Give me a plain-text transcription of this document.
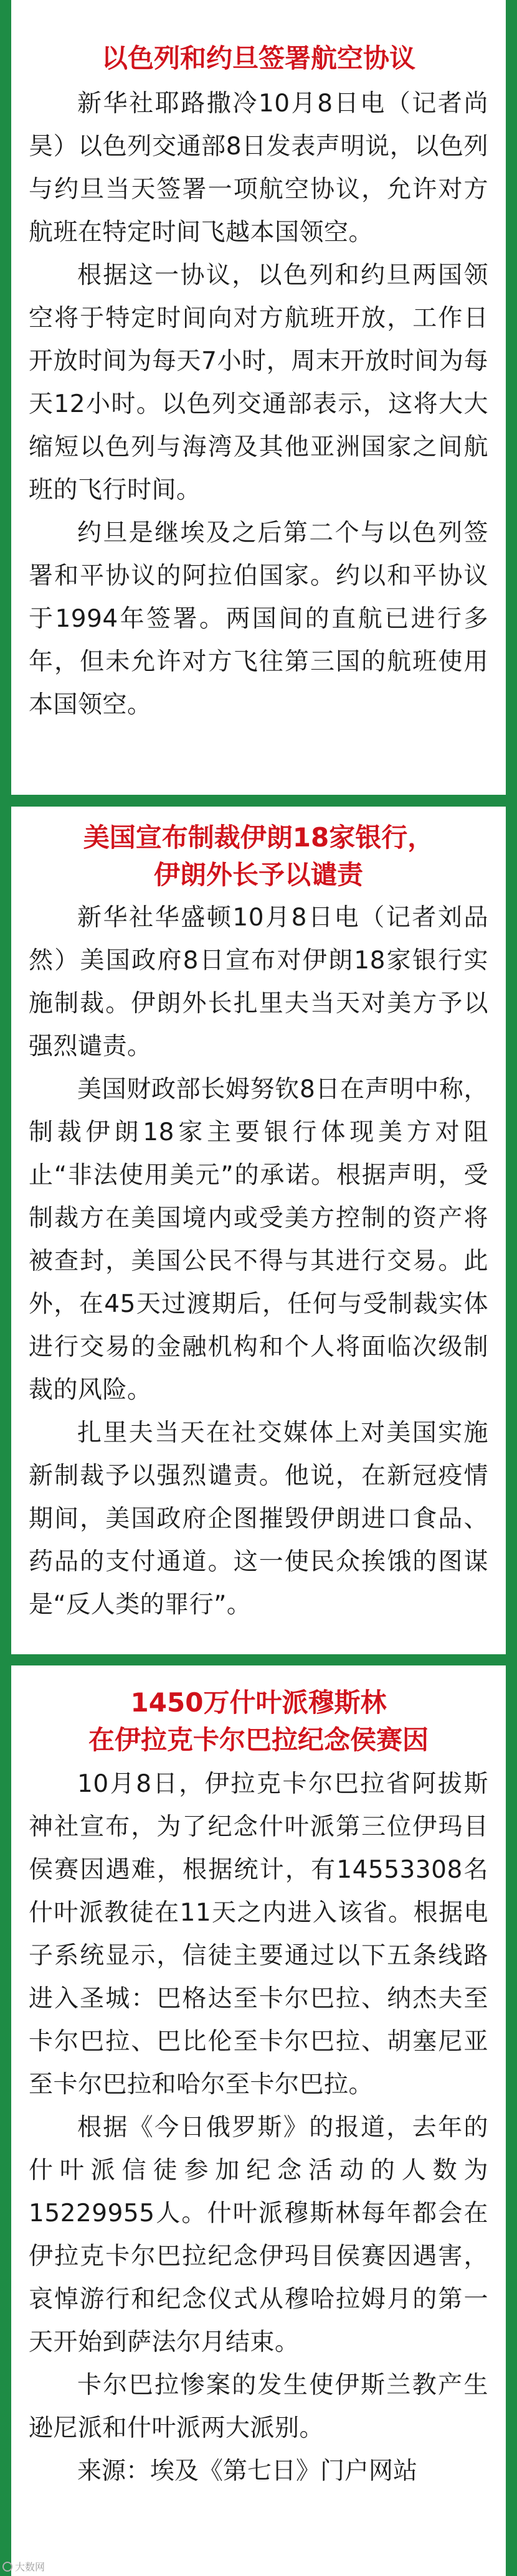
以色列和约旦签署航空协议

新华社耶路撒冷10月8日电（记者尚昊）以色列交通部8日发表声明说，以色列与约旦当天签署一项航空协议，允许对方航班在特定时间飞越本国领空。

根据这一协议，以色列和约旦两国领空将于特定时间向对方航班开放，工作日开放时间为每天7小时，周末开放时间为每天12小时。以色列交通部表示，这将大大缩短以色列与海湾及其他亚洲国家之间航班的飞行时间。

约旦是继埃及之后第二个与以色列签署和平协议的阿拉伯国家。约以和平协议于1994年签署。两国间的直航已进行多年，但未允许对方飞往第三国的航班使用本国领空。

美国宣布制裁伊朗18家银行，
伊朗外长予以谴责

新华社华盛顿10月8日电（记者刘品然）美国政府8日宣布对伊朗18家银行实施制裁。伊朗外长扎里夫当天对美方予以强烈谴责。

美国财政部长姆努钦8日在声明中称，制裁伊朗18家主要银行体现美方对阻止“非法使用美元”的承诺。根据声明，受制裁方在美国境内或受美方控制的资产将被查封，美国公民不得与其进行交易。此外，在45天过渡期后，任何与受制裁实体进行交易的金融机构和个人将面临次级制裁的风险。

扎里夫当天在社交媒体上对美国实施新制裁予以强烈谴责。他说，在新冠疫情期间，美国政府企图摧毁伊朗进口食品、药品的支付通道。这一使民众挨饿的图谋是“反人类的罪行”。

1450万什叶派穆斯林
在伊拉克卡尔巴拉纪念侯赛因

10月8日，伊拉克卡尔巴拉省阿拔斯神社宣布，为了纪念什叶派第三位伊玛目侯赛因遇难，根据统计，有14553308名什叶派教徒在11天之内进入该省。根据电子系统显示，信徒主要通过以下五条线路进入圣城：巴格达至卡尔巴拉、纳杰夫至卡尔巴拉、巴比伦至卡尔巴拉、胡塞尼亚至卡尔巴拉和哈尔至卡尔巴拉。

根据《今日俄罗斯》的报道，去年的什叶派信徒参加纪念活动的人数为15229955人。什叶派穆斯林每年都会在伊拉克卡尔巴拉纪念伊玛目侯赛因遇害，哀悼游行和纪念仪式从穆哈拉姆月的第一天开始到萨法尔月结束。

卡尔巴拉惨案的发生使伊斯兰教产生逊尼派和什叶派两大派别。

来源：埃及《第七日》门户网站

大数网
